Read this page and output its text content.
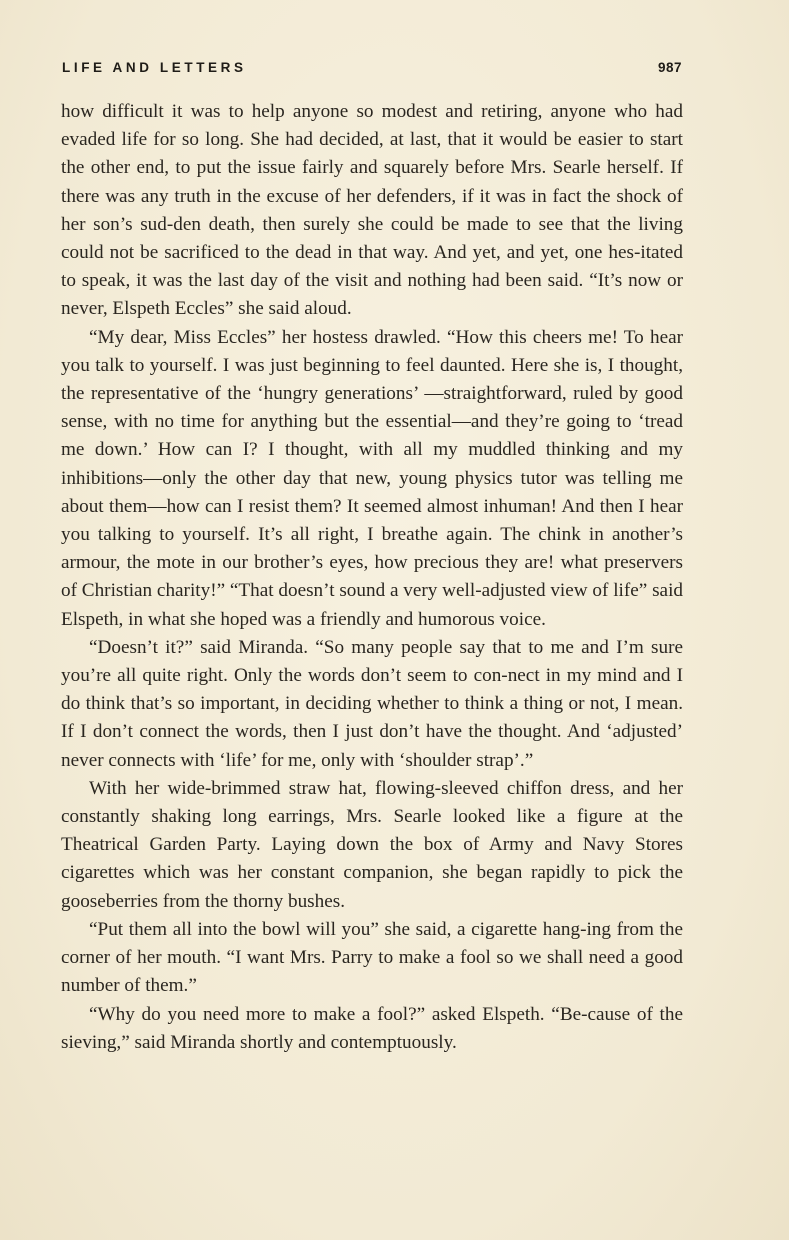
LIFE AND LETTERS	987

how difficult it was to help anyone so modest and retiring, anyone who had evaded life for so long. She had decided, at last, that it would be easier to start the other end, to put the issue fairly and squarely before Mrs. Searle herself. If there was any truth in the excuse of her defenders, if it was in fact the shock of her son’s sud-den death, then surely she could be made to see that the living could not be sacrificed to the dead in that way. And yet, and yet, one hes-itated to speak, it was the last day of the visit and nothing had been said. “It’s now or never, Elspeth Eccles” she said aloud.

“My dear, Miss Eccles” her hostess drawled. “How this cheers me! To hear you talk to yourself. I was just beginning to feel daunted. Here she is, I thought, the representative of the ‘hungry generations’ —straightforward, ruled by good sense, with no time for anything but the essential—and they’re going to ‘tread me down.’ How can I? I thought, with all my muddled thinking and my inhibitions—only the other day that new, young physics tutor was telling me about them—how can I resist them? It seemed almost inhuman! And then I hear you talking to yourself. It’s all right, I breathe again. The chink in another’s armour, the mote in our brother’s eyes, how precious they are! what preservers of Christian charity!” “That doesn’t sound a very well-adjusted view of life” said Elspeth, in what she hoped was a friendly and humorous voice.

“Doesn’t it?” said Miranda. “So many people say that to me and I’m sure you’re all quite right. Only the words don’t seem to con-nect in my mind and I do think that’s so important, in deciding whether to think a thing or not, I mean. If I don’t connect the words, then I just don’t have the thought. And ‘adjusted’ never connects with ‘life’ for me, only with ‘shoulder strap’.”

With her wide-brimmed straw hat, flowing-sleeved chiffon dress, and her constantly shaking long earrings, Mrs. Searle looked like a figure at the Theatrical Garden Party. Laying down the box of Army and Navy Stores cigarettes which was her constant companion, she began rapidly to pick the gooseberries from the thorny bushes.

“Put them all into the bowl will you” she said, a cigarette hang-ing from the corner of her mouth. “I want Mrs. Parry to make a fool so we shall need a good number of them.”

“Why do you need more to make a fool?” asked Elspeth. “Be-cause of the sieving,” said Miranda shortly and contemptuously.
